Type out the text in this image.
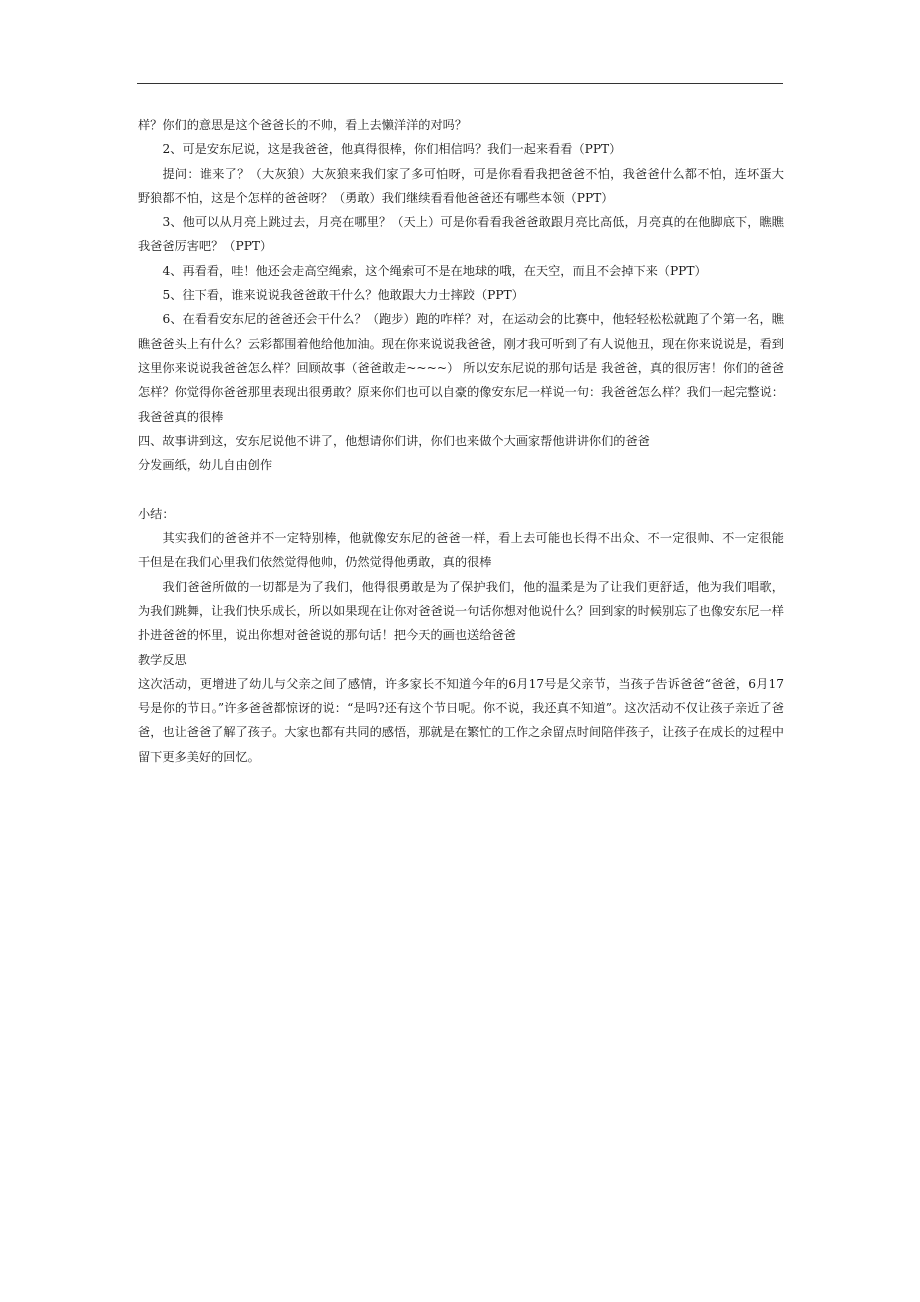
样？你们的意思是这个爸爸长的不帅，看上去懒洋洋的对吗？

2、可是安东尼说，这是我爸爸，他真得很棒，你们相信吗？我们一起来看看（PPT）

提问：谁来了？（大灰狼）大灰狼来我们家了多可怕呀，可是你看看我把爸爸不怕，我爸爸什么都不怕，连坏蛋大野狼都不怕，这是个怎样的爸爸呀？（勇敢）我们继续看看他爸爸还有哪些本领（PPT）

3、他可以从月亮上跳过去，月亮在哪里？（天上）可是你看看我爸爸敢跟月亮比高低，月亮真的在他脚底下，瞧瞧我爸爸厉害吧？（PPT）

4、再看看，哇！他还会走高空绳索，这个绳索可不是在地球的哦，在天空，而且不会掉下来（PPT）

5、往下看，谁来说说我爸爸敢干什么？他敢跟大力士摔跤（PPT）

6、在看看安东尼的爸爸还会干什么？（跑步）跑的咋样？对，在运动会的比赛中，他轻轻松松就跑了个第一名，瞧瞧爸爸头上有什么？云彩都围着他给他加油。现在你来说说我爸爸，刚才我可听到了有人说他丑，现在你来说说是，看到这里你来说说我爸爸怎么样？回顾故事（爸爸敢走~~~~） 所以安东尼说的那句话是 我爸爸，真的很厉害！你们的爸爸怎样？你觉得你爸爸那里表现出很勇敢？原来你们也可以自豪的像安东尼一样说一句：我爸爸怎么样？我们一起完整说：我爸爸真的很棒

四、故事讲到这，安东尼说他不讲了，他想请你们讲，你们也来做个大画家帮他讲讲你们的爸爸

分发画纸，幼儿自由创作

小结：

其实我们的爸爸并不一定特别棒，他就像安东尼的爸爸一样，看上去可能也长得不出众、不一定很帅、不一定很能干但是在我们心里我们依然觉得他帅，仍然觉得他勇敢，真的很棒

我们爸爸所做的一切都是为了我们，他得很勇敢是为了保护我们，他的温柔是为了让我们更舒适，他为我们唱歌，为我们跳舞，让我们快乐成长，所以如果现在让你对爸爸说一句话你想对他说什么？回到家的时候别忘了也像安东尼一样扑进爸爸的怀里，说出你想对爸爸说的那句话！把今天的画也送给爸爸

教学反思

这次活动，更增进了幼儿与父亲之间了感情，许多家长不知道今年的6月17号是父亲节，当孩子告诉爸爸“爸爸，6月17号是你的节日。”许多爸爸都惊讶的说：“是吗?还有这个节日呢。你不说，我还真不知道”。这次活动不仅让孩子亲近了爸爸，也让爸爸了解了孩子。大家也都有共同的感悟，那就是在繁忙的工作之余留点时间陪伴孩子，让孩子在成长的过程中留下更多美好的回忆。
